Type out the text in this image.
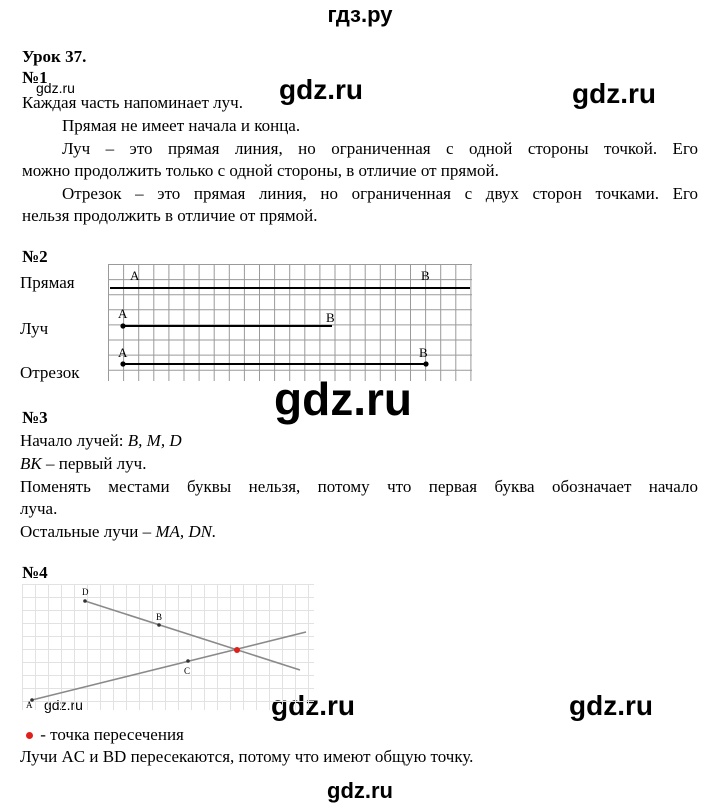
гдз.ру
Урок 37.
gdz.ru	gdz.ru	gdz.ru
gdz.ru
gdz.ru	gdz.ru	gdz.ru
№1
Каждая часть напоминает луч.
Прямая не имеет начала и конца.
Луч – это прямая линия, но ограниченная с одной стороны точкой. Его
можно продолжить только с одной стороны, в отличие от прямой.
Отрезок – это прямая линия, но ограниченная с двух сторон точками. Его
нельзя продолжить в отличие от прямой.
№2
Прямая
Луч
Отрезок
A	B
A	B
A	B
№3
Начало лучей: B, M, D
BK – первый луч.
Поменять местами буквы нельзя, потому что первая буква обозначает начало
луча.
Остальные лучи – MA, DN.
№4
A
C
D
B
- точка пересечения
Лучи AC и BD пересекаются, потому что имеют общую точку.
gdz.ru
